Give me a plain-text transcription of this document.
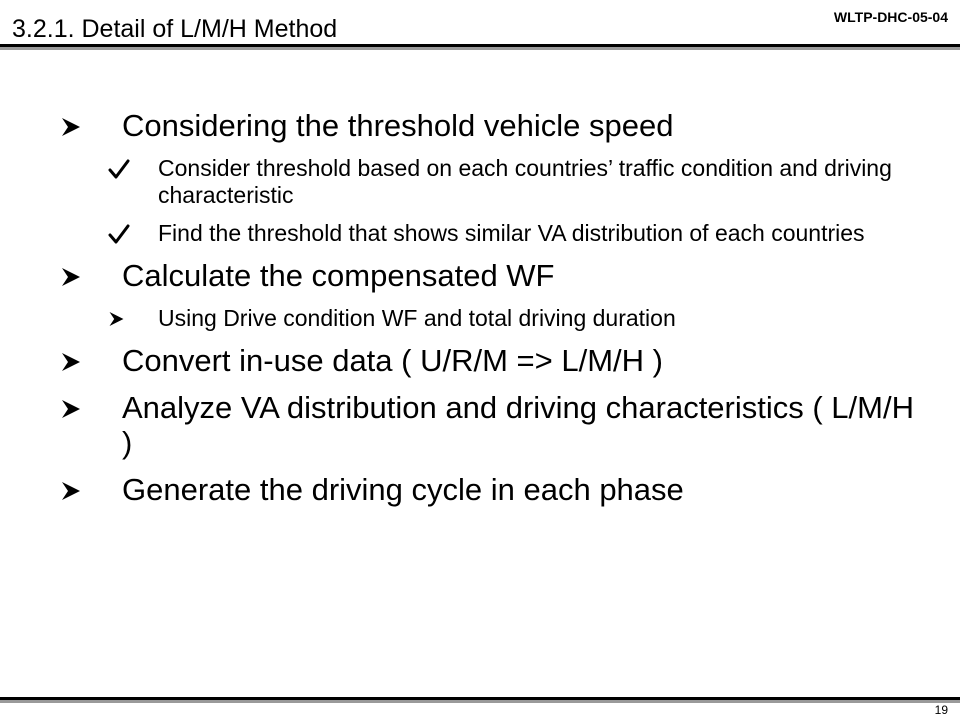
3.2.1. Detail of L/M/H Method	WLTP-DHC-05-04
Considering the threshold vehicle speed
Consider threshold based on each countries’ traffic condition and driving characteristic
Find the threshold that shows similar VA distribution of each countries
Calculate the compensated WF
Using Drive condition WF and total driving duration
Convert in-use data ( U/R/M => L/M/H )
Analyze VA distribution and driving characteristics ( L/M/H )
Generate the driving cycle in each phase
19
